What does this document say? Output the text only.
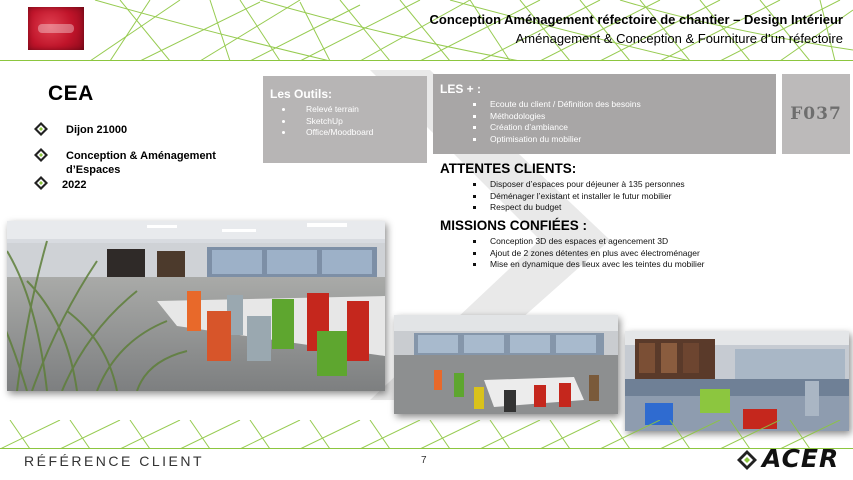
Conception Aménagement réfectoire de chantier – Design Intérieur
Aménagement & Conception & Fourniture d’un réfectoire
CEA
Dijon 21000
Conception & Aménagement d’Espaces
2022
Les Outils:
Relevé terrain
SketchUp
Office/Moodboard
LES + :
Ecoute du client / Définition des besoins
Méthodologies
Création d’ambiance
Optimisation du mobilier
F037
ATTENTES CLIENTS:
Disposer d’espaces pour déjeuner à 135 personnes
Déménager l’existant et installer le futur mobilier
Respect du budget
MISSIONS CONFIÉES :
Conception 3D des espaces et agencement 3D
Ajout de 2 zones détentes en plus avec électroménager
Mise en dynamique des lieux avec les teintes du mobilier
RÉFÉRENCE CLIENT	7	ACER
